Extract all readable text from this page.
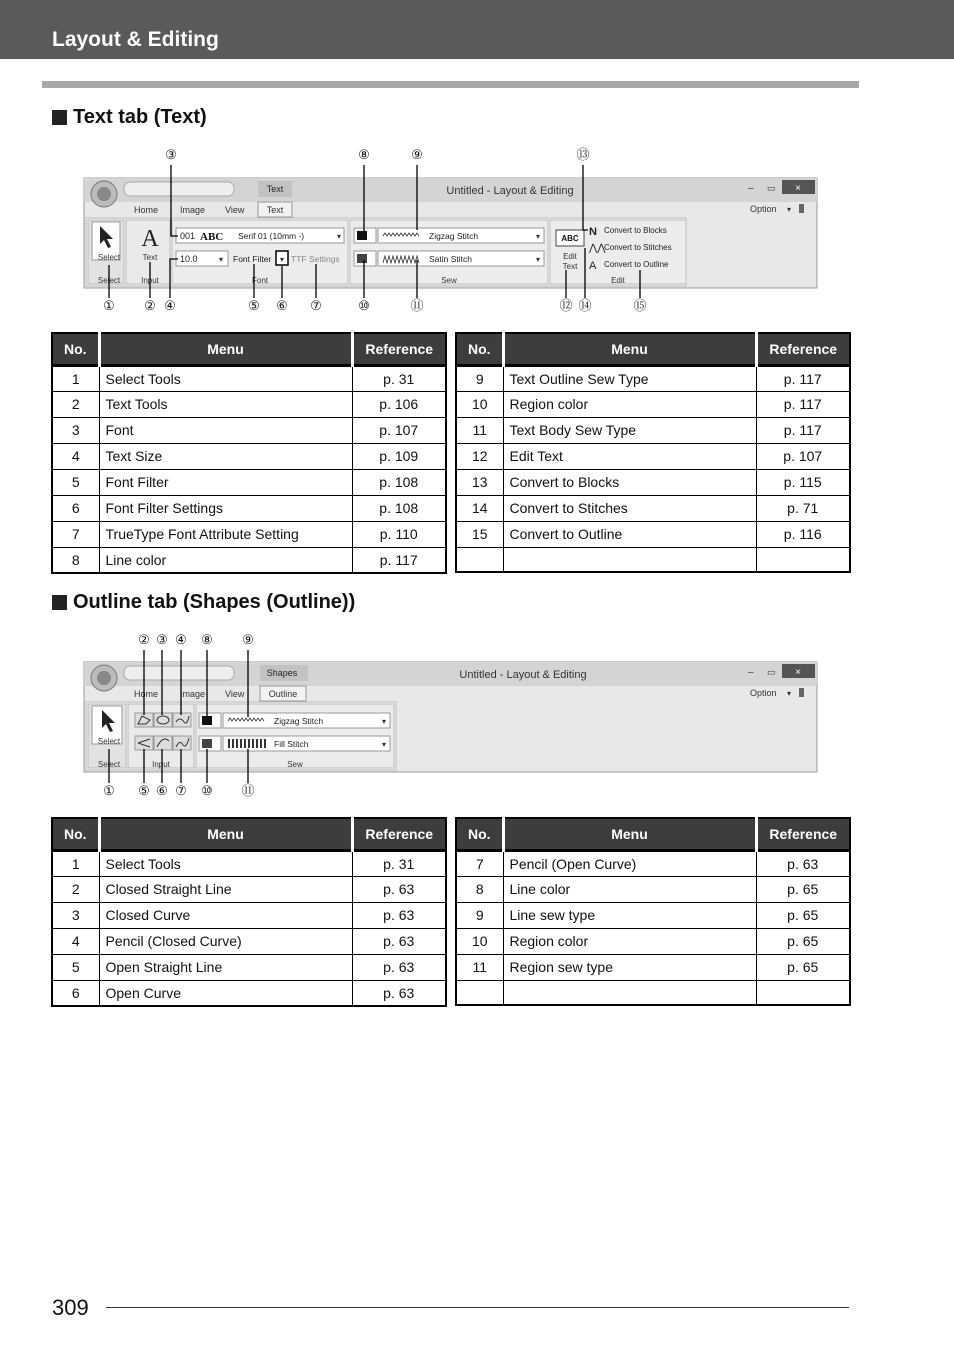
Layout & Editing
Text tab (Text)
③	⑧	⑨	⑬
Text	Untitled - Layout & Editing	– ▭ ×
Home Image View Text	Option ▾
Select
Select
A
Text
Input
001 ABC Serif 01 (10mm -)	▾
10.0	▾ Font Filter ▾ TTF Settings
Font
Zigzag Stitch	▾
Satin Stitch	▾
Sew
ABC
Edit
Text
N Convert to Blocks
⋀⋀
Convert to Stitches
A Convert to Outline
Edit
① ② ④	⑤ ⑥ ⑦	⑩	⑪	⑫ ⑭	⑮
No.	Menu	Reference
1	Select Tools	p. 31
2	Text Tools	p. 106
3	Font	p. 107
4	Text Size	p. 109
5	Font Filter	p. 108
6	Font Filter Settings	p. 108
7	TrueType Font Attribute Setting	p. 110
8	Line color	p. 117
No.	Menu	Reference
9	Text Outline Sew Type	p. 117
10	Region color	p. 117
11	Text Body Sew Type	p. 117
12	Edit Text	p. 107
13	Convert to Blocks	p. 115
14	Convert to Stitches	p. 71
15	Convert to Outline	p. 116

Outline tab (Shapes (Outline))
② ③ ④ ⑧ ⑨
Shapes	Untitled - Layout & Editing	– ▭ ×
Home Image View	Outline	Option ▾
Select
Select	Input
Zigzag Stitch	▾
Fill Stitch	▾
Sew
① ⑤ ⑥ ⑦ ⑩ ⑪
No.	Menu	Reference
1	Select Tools	p. 31
2	Closed Straight Line	p. 63
3	Closed Curve	p. 63
4	Pencil (Closed Curve)	p. 63
5	Open Straight Line	p. 63
6	Open Curve	p. 63
No.	Menu	Reference
7	Pencil (Open Curve)	p. 63
8	Line color	p. 65
9	Line sew type	p. 65
10	Region color	p. 65
11	Region sew type	p. 65

309
